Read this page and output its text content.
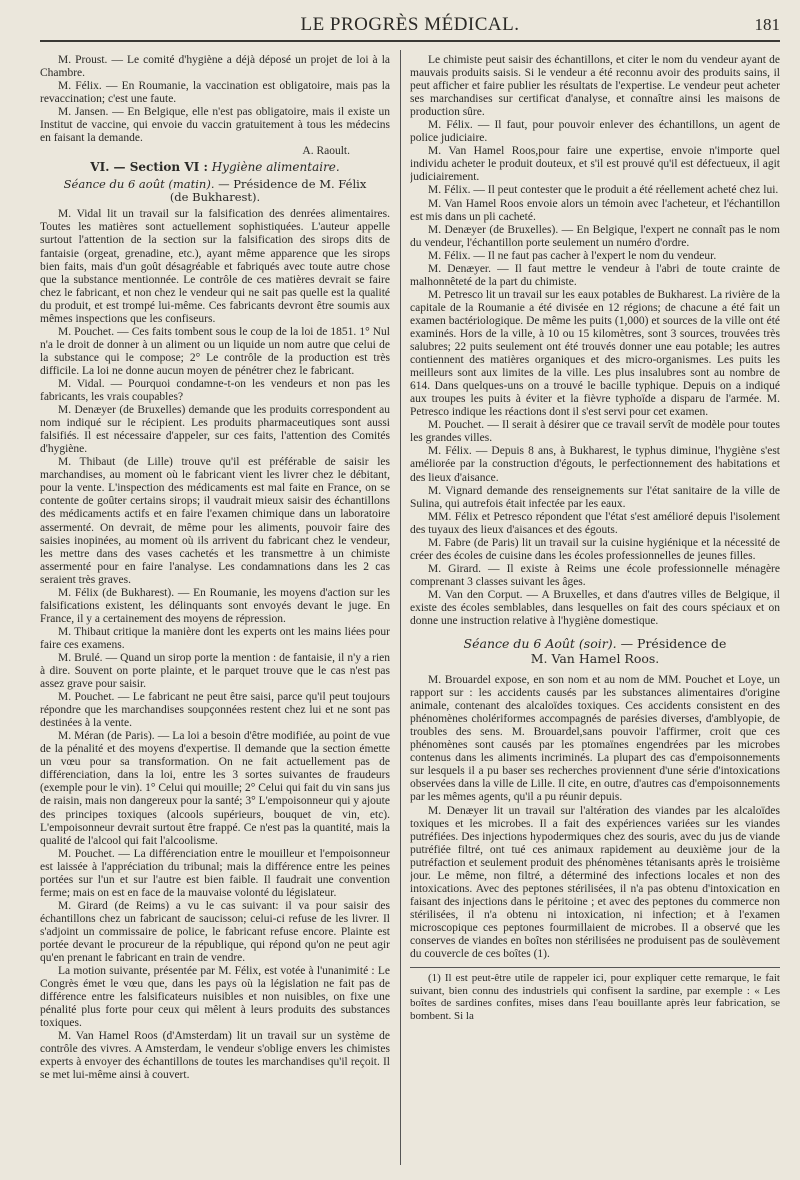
LE PROGRÈS MÉDICAL.	181

M. Proust. — Le comité d'hygiène a déjà déposé un projet de loi à la Chambre.

M. Félix. — En Roumanie, la vaccination est obligatoire, mais pas la revaccination; c'est une faute.

M. Jansen. — En Belgique, elle n'est pas obligatoire, mais il existe un Institut de vaccine, qui envoie du vaccin gratuitement à tous les médecins en faisant la demande.

A. Raoult.

VI. — Section VI : Hygiène alimentaire.
Séance du 6 août (matin). — Présidence de M. Félix
(de Bukharest).

M. Vidal lit un travail sur la falsification des denrées alimentaires. Toutes les matières sont actuellement sophistiquées. L'auteur appelle surtout l'attention de la section sur la falsification des sirops dits de fantaisie (orgeat, grenadine, etc.), ayant même apparence que les sirops bien faits, mais d'un goût désagréable et fabriqués avec toute autre chose que la substance mentionnée. Le contrôle de ces matières devrait se faire chez le fabricant, et non chez le vendeur qui ne sait pas quelle est la qualité du produit, et est trompé lui-même. Ces fabricants devront être soumis aux mêmes inspections que les confiseurs.

M. Pouchet. — Ces faits tombent sous le coup de la loi de 1851. 1° Nul n'a le droit de donner à un aliment ou un liquide un nom autre que celui de la substance qui le compose; 2° Le contrôle de la production est très difficile. La loi ne donne aucun moyen de pénétrer chez le fabricant.

M. Vidal. — Pourquoi condamne-t-on les vendeurs et non pas les fabricants, les vrais coupables?

M. Denæyer (de Bruxelles) demande que les produits correspondent au nom indiqué sur le récipient. Les produits pharmaceutiques sont aussi falsifiés. Il est nécessaire d'appeler, sur ces faits, l'attention des Comités d'hygiène.

M. Thibaut (de Lille) trouve qu'il est préférable de saisir les marchandises, au moment où le fabricant vient les livrer chez le débitant, pour la vente. L'inspection des médicaments est mal faite en France, on se contente de goûter certains sirops; il vaudrait mieux saisir des échantillons des médicaments actifs et en faire l'examen chimique dans un laboratoire assermenté. On devrait, de même pour les aliments, pouvoir faire des saisies inopinées, au moment où ils arrivent du fabricant chez le vendeur, les mettre dans des vases cachetés et les transmettre à un chimiste assermenté pour en faire l'analyse. Les condamnations dans les 2 cas seraient très graves.

M. Félix (de Bukharest). — En Roumanie, les moyens d'action sur les falsifications existent, les délinquants sont envoyés devant le juge. En France, il y a certainement des moyens de répression.

M. Thibaut critique la manière dont les experts ont les mains liées pour faire ces examens.

M. Brulé. — Quand un sirop porte la mention : de fantaisie, il n'y a rien à dire. Souvent on porte plainte, et le parquet trouve que le cas n'est pas assez grave pour saisir.

M. Pouchet. — Le fabricant ne peut être saisi, parce qu'il peut toujours répondre que les marchandises soupçonnées restent chez lui et ne sont pas destinées à la vente.

M. Méran (de Paris). — La loi a besoin d'être modifiée, au point de vue de la pénalité et des moyens d'expertise. Il demande que la section émette un vœu pour sa transformation. On ne fait actuellement pas de différenciation, dans la loi, entre les 3 sortes suivantes de fraudeurs (exemple pour le vin). 1° Celui qui mouille; 2° Celui qui fait du vin sans jus de raisin, mais non dangereux pour la santé; 3° L'empoisonneur qui y ajoute des principes toxiques (alcools supérieurs, bouquet de vin, etc). L'empoisonneur devrait surtout être frappé. Ce n'est pas la quantité, mais la qualité de l'alcool qui fait l'alcoolisme.

M. Pouchet. — La différenciation entre le mouilleur et l'empoisonneur est laissée à l'appréciation du tribunal; mais la différence entre les peines portées sur l'un et sur l'autre est bien faible. Il faudrait une convention ferme; mais on est en face de la mauvaise volonté du législateur.

M. Girard (de Reims) a vu le cas suivant: il va pour saisir des échantillons chez un fabricant de saucisson; celui-ci refuse de les livrer. Il s'adjoint un commissaire de police, le fabricant refuse encore. Plainte est portée devant le procureur de la république, qui répond qu'on ne peut agir qu'en prenant le fabricant en train de vendre.

La motion suivante, présentée par M. Félix, est votée à l'unanimité : Le Congrès émet le vœu que, dans les pays où la législation ne fait pas de différence entre les falsificateurs nuisibles et non nuisibles, on fixe une pénalité plus forte pour ceux qui mêlent à leurs produits des substances toxiques.

M. Van Hamel Roos (d'Amsterdam) lit un travail sur un système de contrôle des vivres. A Amsterdam, le vendeur s'oblige envers les chimistes experts à envoyer des échantillons de toutes les marchandises qu'il reçoit. Il se met lui-même ainsi à couvert.

Le chimiste peut saisir des échantillons, et citer le nom du vendeur ayant de mauvais produits saisis. Si le vendeur a été reconnu avoir des produits sains, il peut afficher et faire publier les résultats de l'expertise. Le vendeur peut acheter ses marchandises sur certificat d'analyse, et connaître ainsi les maisons de production sûre.

M. Félix. — Il faut, pour pouvoir enlever des échantillons, un agent de police judiciaire.

M. Van Hamel Roos,pour faire une expertise, envoie n'importe quel individu acheter le produit douteux, et s'il est prouvé qu'il est défectueux, il agit judiciairement.

M. Félix. — Il peut contester que le produit a été réellement acheté chez lui.

M. Van Hamel Roos envoie alors un témoin avec l'acheteur, et l'échantillon est mis dans un pli cacheté.

M. Denæyer (de Bruxelles). — En Belgique, l'expert ne connaît pas le nom du vendeur, l'échantillon porte seulement un numéro d'ordre.

M. Félix. — Il ne faut pas cacher à l'expert le nom du vendeur.

M. Denæyer. — Il faut mettre le vendeur à l'abri de toute crainte de malhonnêteté de la part du chimiste.

M. Petresco lit un travail sur les eaux potables de Bukharest. La rivière de la capitale de la Roumanie a été divisée en 12 régions; de chacune a été fait un examen bactériologique. De même les puits (1,000) et sources de la ville ont été examinés. Hors de la ville, à 10 ou 15 kilomètres, sont 3 sources, trouvées très salubres; 22 puits seulement ont été trouvés donner une eau potable; les autres contiennent des matières organiques et des micro-organismes. Les puits les meilleurs sont aux limites de la ville. Les plus insalubres sont au nombre de 614. Dans quelques-uns on a trouvé le bacille typhique. Depuis on a indiqué aux troupes les puits à éviter et la fièvre typhoïde a disparu de l'armée. M. Petresco indique les réactions dont il s'est servi pour cet examen.

M. Pouchet. — Il serait à désirer que ce travail servît de modèle pour toutes les grandes villes.

M. Félix. — Depuis 8 ans, à Bukharest, le typhus diminue, l'hygiène s'est améliorée par la construction d'égouts, le perfectionnement des habitations et des lieux d'aisance.

M. Vignard demande des renseignements sur l'état sanitaire de la ville de Sulina, qui autrefois était infectée par les eaux.

MM. Félix et Petresco répondent que l'état s'est amélioré depuis l'isolement des tuyaux des lieux d'aisances et des égouts.

M. Fabre (de Paris) lit un travail sur la cuisine hygiénique et la nécessité de créer des écoles de cuisine dans les écoles professionnelles de jeunes filles.

M. Girard. — Il existe à Reims une école professionnelle ménagère comprenant 3 classes suivant les âges.

M. Van den Corput. — A Bruxelles, et dans d'autres villes de Belgique, il existe des écoles semblables, dans lesquelles on fait des cours spéciaux et on donne une instruction relative à l'hygiène domestique.

Séance du 6 Août (soir). — Présidence de
M. Van Hamel Roos.

M. Brouardel expose, en son nom et au nom de MM. Pouchet et Loye, un rapport sur : les accidents causés par les substances alimentaires d'origine animale, contenant des alcaloïdes toxiques. Ces accidents consistent en des phénomènes cholériformes accompagnés de parésies diverses, d'amblyopie, de troubles des sens. M. Brouardel,sans pouvoir l'affirmer, croit que ces phénomènes sont causés par les ptomaïnes engendrées par les microbes contenus dans les aliments incriminés. La plupart des cas d'empoisonnements sur lesquels il a pu baser ses recherches proviennent d'une série d'intoxications observées dans la ville de Lille. Il cite, en outre, d'autres cas d'empoisonnements par les mêmes agents, qu'il a pu réunir depuis.

M. Denæyer lit un travail sur l'altération des viandes par les alcaloïdes toxiques et les microbes. Il a fait des expériences variées sur les viandes putréfiées. Des injections hypodermiques chez des souris, avec du jus de viande putréfiée filtré, ont tué ces animaux rapidement au deuxième jour de la putréfaction et seulement produit des phénomènes tétanisants après le troisième jour. Le même, non filtré, a déterminé des infections locales et non des intoxications. Avec des peptones stérilisées, il n'a pas obtenu d'intoxication en faisant des injections dans le péritoine ; et avec des peptones du commerce non stérilisées, il n'a obtenu ni intoxication, ni infection; et à l'examen microscopique ces peptones fourmillaient de microbes. Il a observé que les conserves de viandes en boîtes non stérilisées ne produisent pas de soulèvement du couvercle de ces boîtes (1).

(1) Il est peut-être utile de rappeler ici, pour expliquer cette remarque, le fait suivant, bien connu des industriels qui confisent la sardine, par exemple : « Les boîtes de sardines confites, mises dans l'eau bouillante après leur fabrication, se bombent. Si la
